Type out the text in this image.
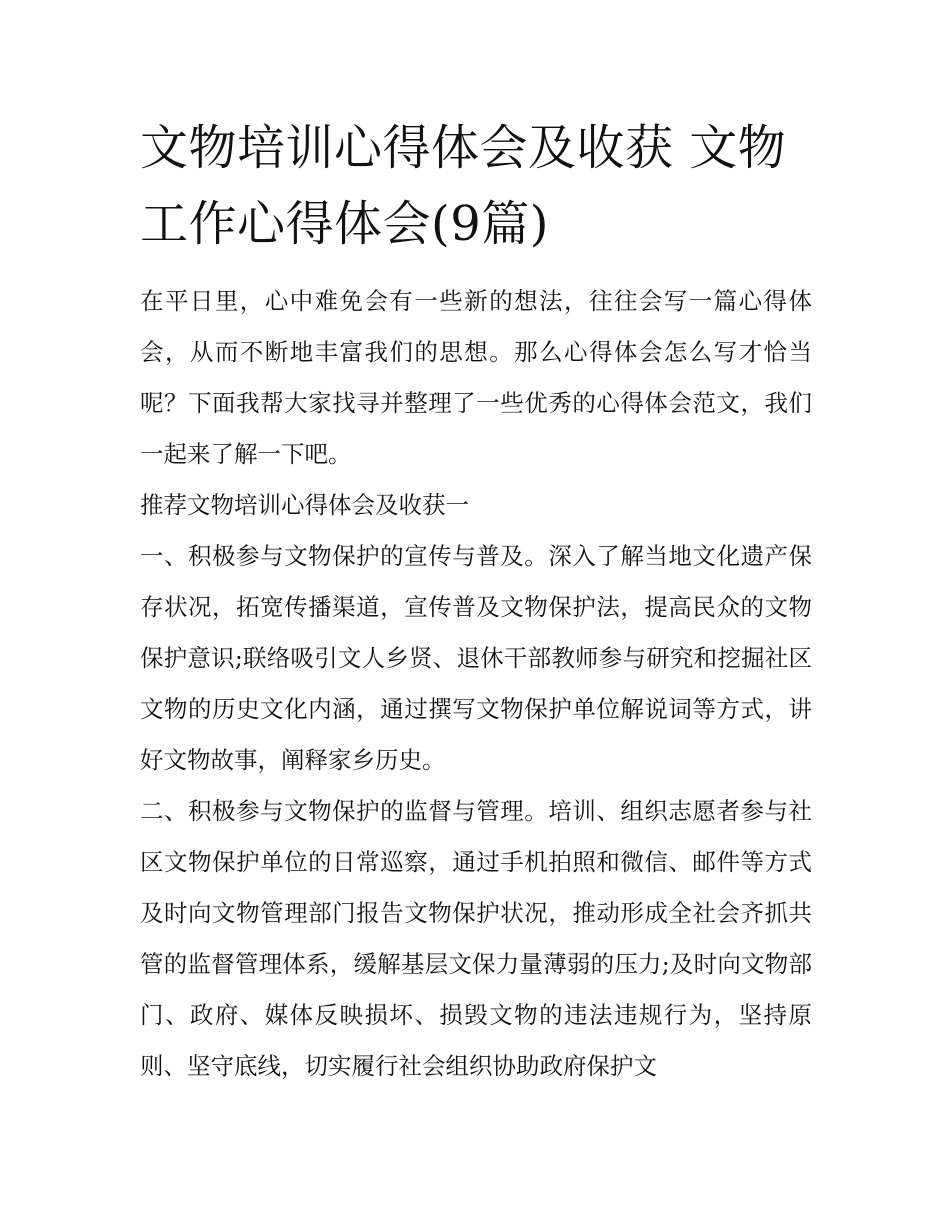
文物培训心得体会及收获 文物工作心得体会(9篇)

在平日里，心中难免会有一些新的想法，往往会写一篇心得体会，从而不断地丰富我们的思想。那么心得体会怎么写才恰当呢？下面我帮大家找寻并整理了一些优秀的心得体会范文，我们一起来了解一下吧。

推荐文物培训心得体会及收获一

一、积极参与文物保护的宣传与普及。深入了解当地文化遗产保存状况，拓宽传播渠道，宣传普及文物保护法，提高民众的文物保护意识;联络吸引文人乡贤、退休干部教师参与研究和挖掘社区文物的历史文化内涵，通过撰写文物保护单位解说词等方式，讲好文物故事，阐释家乡历史。

二、积极参与文物保护的监督与管理。培训、组织志愿者参与社区文物保护单位的日常巡察，通过手机拍照和微信、邮件等方式及时向文物管理部门报告文物保护状况，推动形成全社会齐抓共管的监督管理体系，缓解基层文保力量薄弱的压力;及时向文物部门、政府、媒体反映损坏、损毁文物的违法违规行为，坚持原则、坚守底线，切实履行社会组织协助政府保护文
